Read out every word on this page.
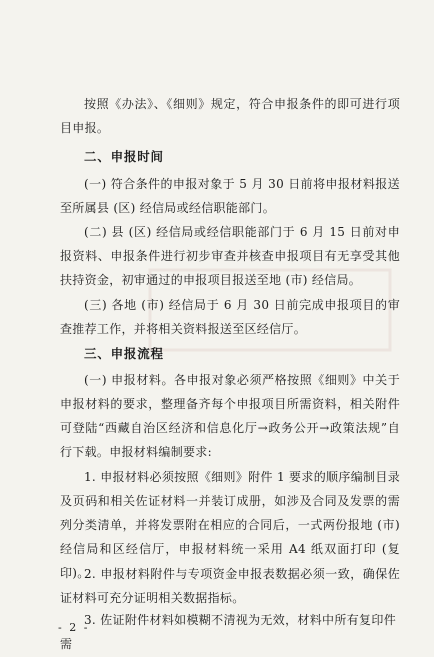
按照《办法》、《细则》规定，符合申报条件的即可进行项目申报。

二、申报时间

(一) 符合条件的申报对象于 5 月 30 日前将申报材料报送至所属县 (区) 经信局或经信职能部门。

(二) 县 (区) 经信局或经信职能部门于 6 月 15 日前对申报资料、申报条件进行初步审查并核查申报项目有无享受其他扶持资金，初审通过的申报项目报送至地 (市) 经信局。

(三) 各地 (市) 经信局于 6 月 30 日前完成申报项目的审查推荐工作，并将相关资料报送至区经信厅。

三、申报流程

(一) 申报材料。各申报对象必须严格按照《细则》中关于申报材料的要求，整理备齐每个申报项目所需资料，相关附件可登陆“西藏自治区经济和信息化厅→政务公开→政策法规”自行下载。申报材料编制要求:

1. 申报材料必须按照《细则》附件 1 要求的顺序编制目录及页码和相关佐证材料一并装订成册，如涉及合同及发票的需列分类清单，并将发票附在相应的合同后，一式两份报地 (市) 经信局和区经信厅，申报材料统一采用 A4 纸双面打印 (复印)。

2. 申报材料附件与专项资金申报表数据必须一致，确保佐证材料可充分证明相关数据指标。

3. 佐证附件材料如模糊不清视为无效，材料中所有复印件需

- 2 -
